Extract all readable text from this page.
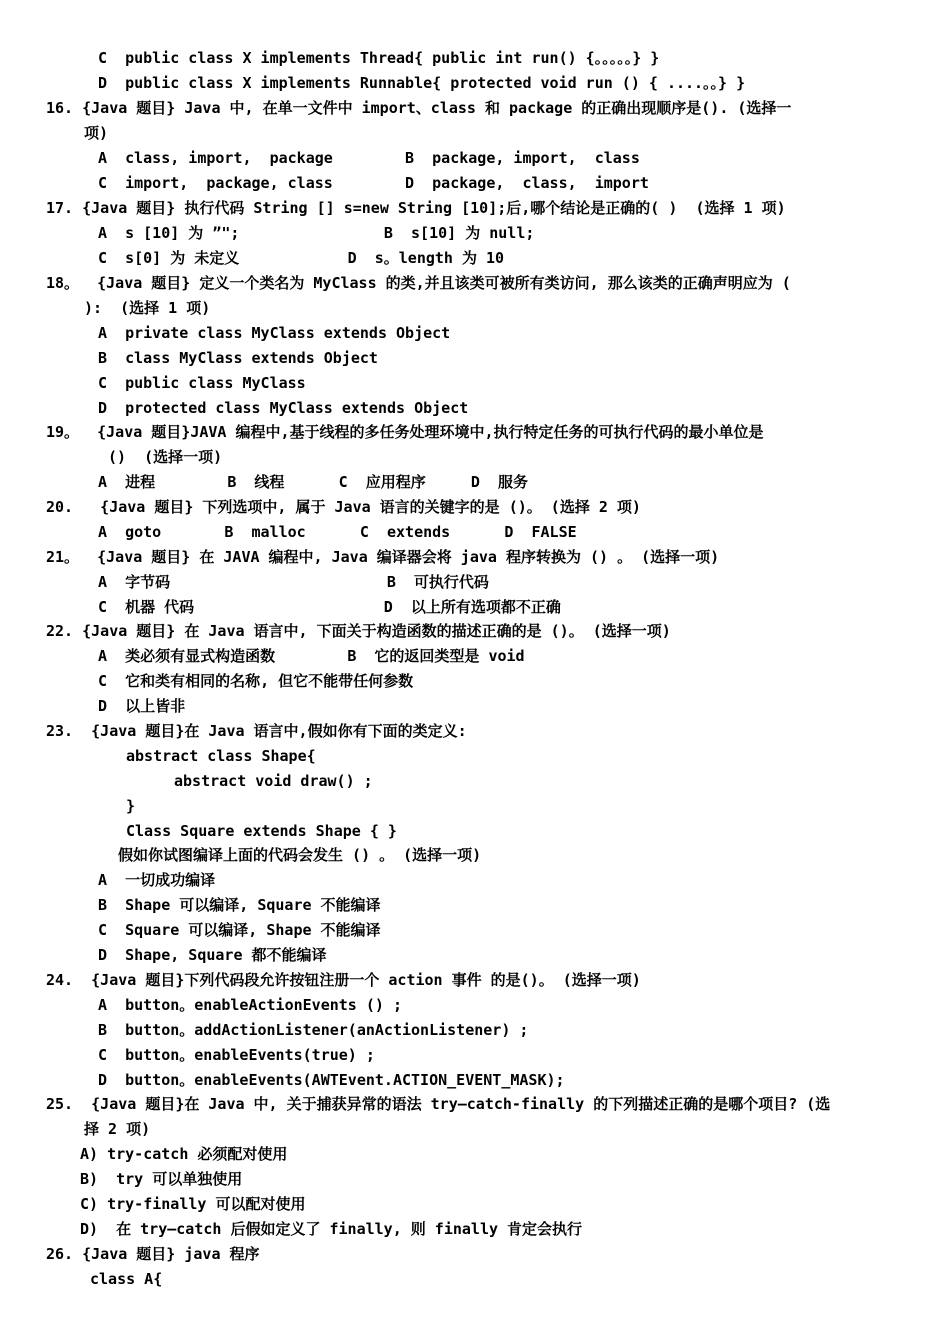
C  public class X implements Thread{ public int run() {。。。。。} }
D  public class X implements Runnable{ protected void run () { ....。。} }
16. {Java 题目} Java 中, 在单一文件中 import、class 和 package 的正确出现顺序是(). (选择一
项)
A  class, import,  package        B  package, import,  class
C  import,  package, class        D  package,  class,  import
17. {Java 题目} 执行代码 String [] s=new String [10];后,哪个结论是正确的( )  (选择 1 项)
A  s [10] 为 ”";                B  s[10] 为 null;
C  s[0] 为 未定义            D  s。length 为 10
18。  {Java 题目} 定义一个类名为 MyClass 的类,并且该类可被所有类访问, 那么该类的正确声明应为 (
):  (选择 1 项)
A  private class MyClass extends Object
B  class MyClass extends Object
C  public class MyClass
D  protected class MyClass extends Object
19。  {Java 题目}JAVA 编程中,基于线程的多任务处理环境中,执行特定任务的可执行代码的最小单位是
()  (选择一项)
A  进程        B  线程      C  应用程序     D  服务
20.   {Java 题目} 下列选项中, 属于 Java 语言的关键字的是 ()。 (选择 2 项)
A  goto       B  malloc      C  extends      D  FALSE
21。  {Java 题目} 在 JAVA 编程中, Java 编译器会将 java 程序转换为 () 。 (选择一项)
A  字节码                        B  可执行代码
C  机器 代码                     D  以上所有选项都不正确
22. {Java 题目} 在 Java 语言中, 下面关于构造函数的描述正确的是 ()。 (选择一项)
A  类必须有显式构造函数        B  它的返回类型是 void
C  它和类有相同的名称, 但它不能带任何参数
D  以上皆非
23.  {Java 题目}在 Java 语言中,假如你有下面的类定义:
abstract class Shape{
abstract void draw() ;
}
Class Square extends Shape { }
假如你试图编译上面的代码会发生 () 。 (选择一项)
A  一切成功编译
B  Shape 可以编译, Square 不能编译
C  Square 可以编译, Shape 不能编译
D  Shape, Square 都不能编译
24.  {Java 题目}下列代码段允许按钮注册一个 action 事件 的是()。 (选择一项)
A  button。enableActionEvents () ;
B  button。addActionListener(anActionListener) ;
C  button。enableEvents(true) ;
D  button。enableEvents(AWTEvent.ACTION_EVENT_MASK);
25.  {Java 题目}在 Java 中, 关于捕获异常的语法 try—catch-finally 的下列描述正确的是哪个项目? (选
择 2 项)
A) try-catch 必须配对使用
B)  try 可以单独使用
C) try-finally 可以配对使用
D)  在 try—catch 后假如定义了 finally, 则 finally 肯定会执行
26. {Java 题目} java 程序
class A{
